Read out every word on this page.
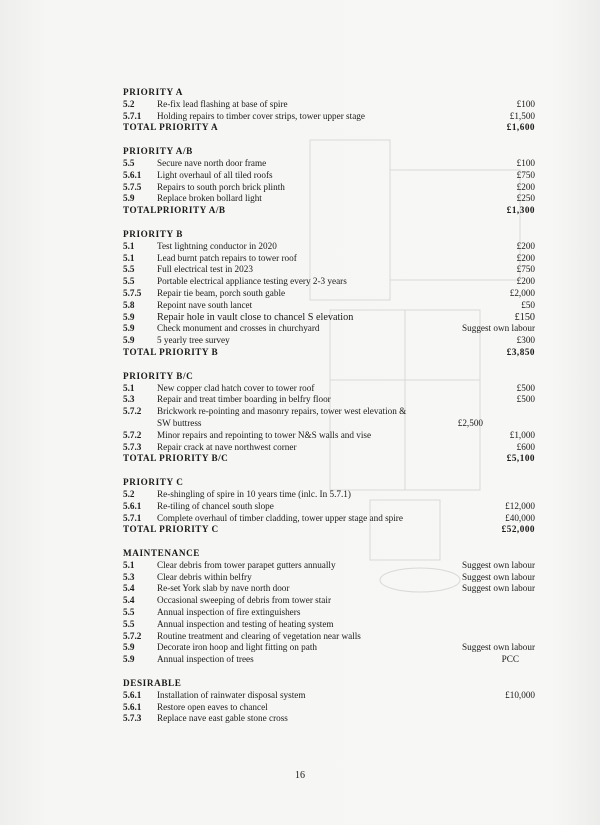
PRIORITY A
5.2	Re-fix lead flashing at base of spire	£100
5.7.1	Holding repairs to timber cover strips, tower upper stage	£1,500
TOTAL PRIORITY A	£1,600
PRIORITY A/B
5.5	Secure nave north door frame	£100
5.6.1	Light overhaul of all tiled roofs	£750
5.7.5	Repairs to south porch brick plinth	£200
5.9	Replace broken bollard light	£250
TOTALPRIORITY A/B	£1,300
PRIORITY B
5.1	Test lightning conductor in 2020	£200
5.1	Lead burnt patch repairs to tower roof	£200
5.5	Full electrical test in 2023	£750
5.5	Portable electrical appliance testing every 2-3 years	£200
5.7.5	Repair tie beam, porch south gable	£2,000
5.8	Repoint nave south lancet	£50
5.9	Repair hole in vault close to chancel S elevation	£150
5.9	Check monument and crosses in churchyard	Suggest own labour
5.9	5 yearly tree survey	£300
TOTAL PRIORITY B	£3,850
PRIORITY B/C
5.1	New copper clad hatch cover to tower roof	£500
5.3	Repair and treat timber boarding in belfry floor	£500
5.7.2	Brickwork re-pointing and masonry repairs, tower west elevation & SW buttress	£2,500
5.7.2	Minor repairs and repointing to tower N&S walls and vise	£1,000
5.7.3	Repair crack at nave northwest corner	£600
TOTAL PRIORITY B/C	£5,100
PRIORITY C
5.2	Re-shingling of spire in 10 years time (inlc. In 5.7.1)
5.6.1	Re-tiling of chancel south slope	£12,000
5.7.1	Complete overhaul of timber cladding, tower upper stage and spire	£40,000
TOTAL PRIORITY C	£52,000
MAINTENANCE
5.1	Clear debris from tower parapet gutters annually	Suggest own labour
5.3	Clear debris within belfry	Suggest own labour
5.4	Re-set York slab by nave north door	Suggest own labour
5.4	Occasional sweeping of debris from tower stair
5.5	Annual inspection of fire extinguishers
5.5	Annual inspection and testing of heating system
5.7.2	Routine treatment and clearing of vegetation near walls
5.9	Decorate iron hoop and light fitting on path	Suggest own labour
5.9	Annual inspection of trees	PCC
DESIRABLE
5.6.1	Installation of rainwater disposal system	£10,000
5.6.1	Restore open eaves to chancel
5.7.3	Replace nave east gable stone cross
16
